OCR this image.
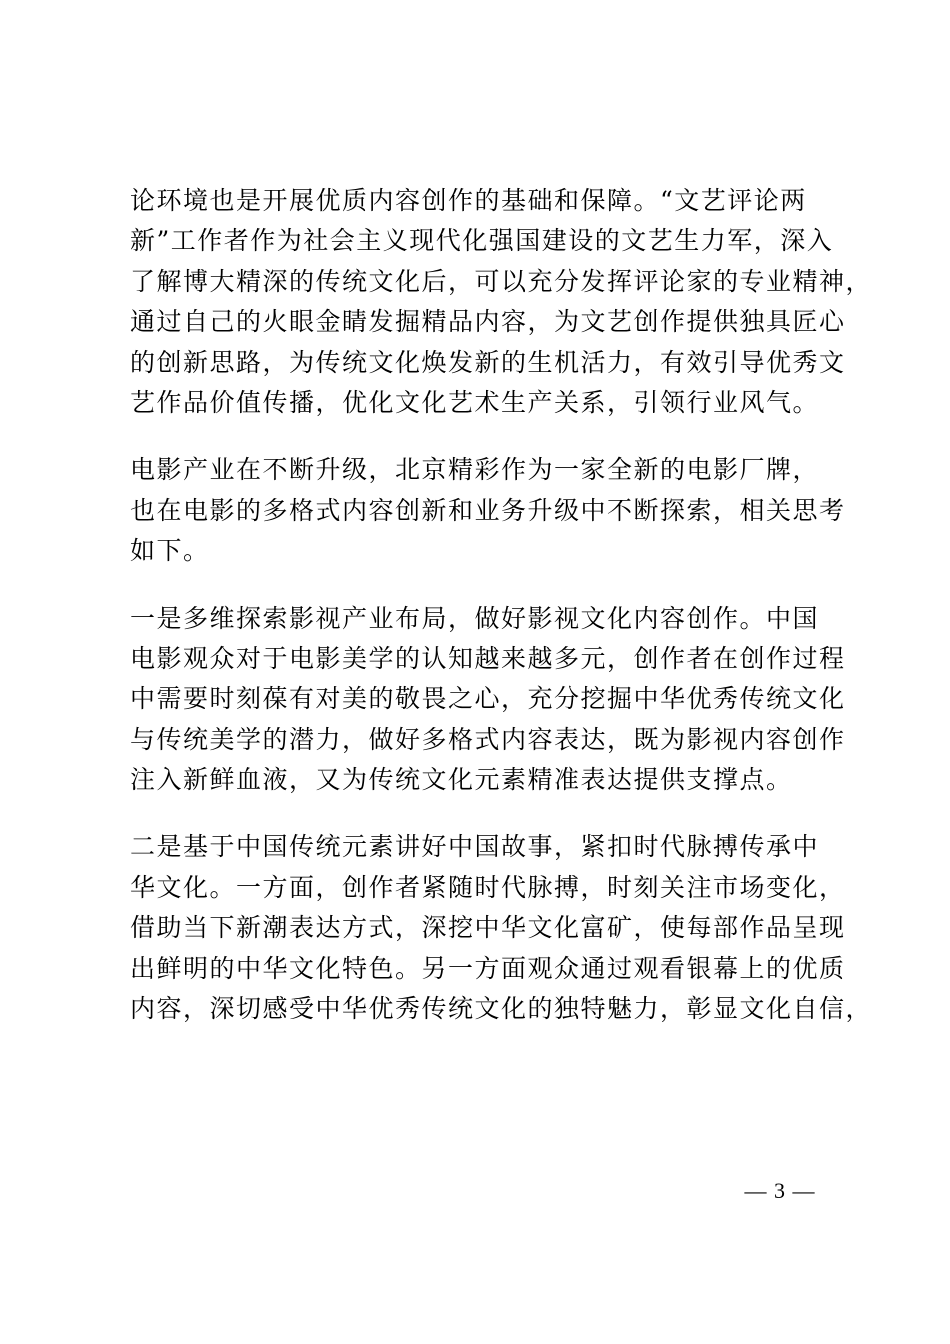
论环境也是开展优质内容创作的基础和保障。“文艺评论两
新”工作者作为社会主义现代化强国建设的文艺生力军，深入
了解博大精深的传统文化后，可以充分发挥评论家的专业精神，
通过自己的火眼金睛发掘精品内容，为文艺创作提供独具匠心
的创新思路，为传统文化焕发新的生机活力，有效引导优秀文
艺作品价值传播，优化文化艺术生产关系，引领行业风气。

电影产业在不断升级，北京精彩作为一家全新的电影厂牌，
也在电影的多格式内容创新和业务升级中不断探索，相关思考
如下。

一是多维探索影视产业布局，做好影视文化内容创作。中国
电影观众对于电影美学的认知越来越多元，创作者在创作过程
中需要时刻葆有对美的敬畏之心，充分挖掘中华优秀传统文化
与传统美学的潜力，做好多格式内容表达，既为影视内容创作
注入新鲜血液，又为传统文化元素精准表达提供支撑点。

二是基于中国传统元素讲好中国故事，紧扣时代脉搏传承中
华文化。一方面，创作者紧随时代脉搏，时刻关注市场变化，
借助当下新潮表达方式，深挖中华文化富矿，使每部作品呈现
出鲜明的中华文化特色。另一方面观众通过观看银幕上的优质
内容，深切感受中华优秀传统文化的独特魅力，彰显文化自信，

— 3 —
